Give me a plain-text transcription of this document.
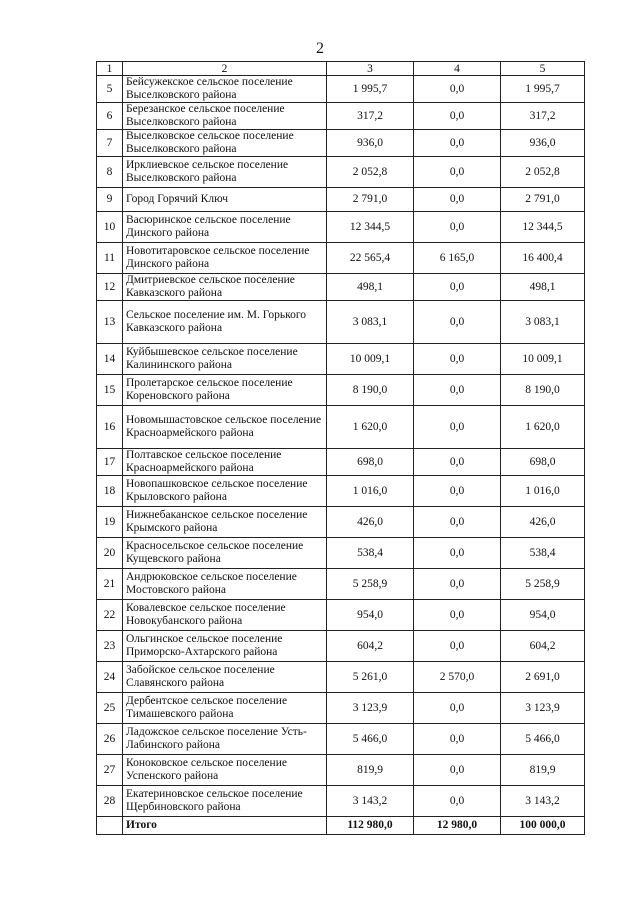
2
1	2	3	4	5
5	Бейсужекское сельское поселение Выселковского района	1 995,7	0,0	1 995,7
6	Березанское сельское поселение Выселковского района	317,2	0,0	317,2
7	Выселковское сельское поселение Выселковского района	936,0	0,0	936,0
8	Ирклиевское сельское поселение Выселковского района	2 052,8	0,0	2 052,8
9	Город Горячий Ключ	2 791,0	0,0	2 791,0
10	Васюринское сельское поселение Динского района	12 344,5	0,0	12 344,5
11	Новотитаровское сельское поселение Динского района	22 565,4	6 165,0	16 400,4
12	Дмитриевское сельское поселение Кавказского района	498,1	0,0	498,1
13	Сельское поселение им. М. Горького Кавказского района	3 083,1	0,0	3 083,1
14	Куйбышевское сельское поселение Калининского района	10 009,1	0,0	10 009,1
15	Пролетарское сельское поселение Кореновского района	8 190,0	0,0	8 190,0
16	Новомышастовское сельское поселение Красноармейского района	1 620,0	0,0	1 620,0
17	Полтавское сельское поселение Красноармейского района	698,0	0,0	698,0
18	Новопашковское сельское поселение Крыловского района	1 016,0	0,0	1 016,0
19	Нижнебаканское сельское поселение Крымского района	426,0	0,0	426,0
20	Красносельское сельское поселение Кущевского района	538,4	0,0	538,4
21	Андрюковское сельское поселение Мостовского района	5 258,9	0,0	5 258,9
22	Ковалевское сельское поселение Новокубанского района	954,0	0,0	954,0
23	Ольгинское сельское поселение Приморско-Ахтарского района	604,2	0,0	604,2
24	Забойское сельское поселение Славянского района	5 261,0	2 570,0	2 691,0
25	Дербентское сельское поселение Тимашевского района	3 123,9	0,0	3 123,9
26	Ладожское сельское поселение Усть-Лабинского района	5 466,0	0,0	5 466,0
27	Коноковское сельское поселение Успенского района	819,9	0,0	819,9
28	Екатериновское сельское поселение Щербиновского района	3 143,2	0,0	3 143,2
	Итого	112 980,0	12 980,0	100 000,0
